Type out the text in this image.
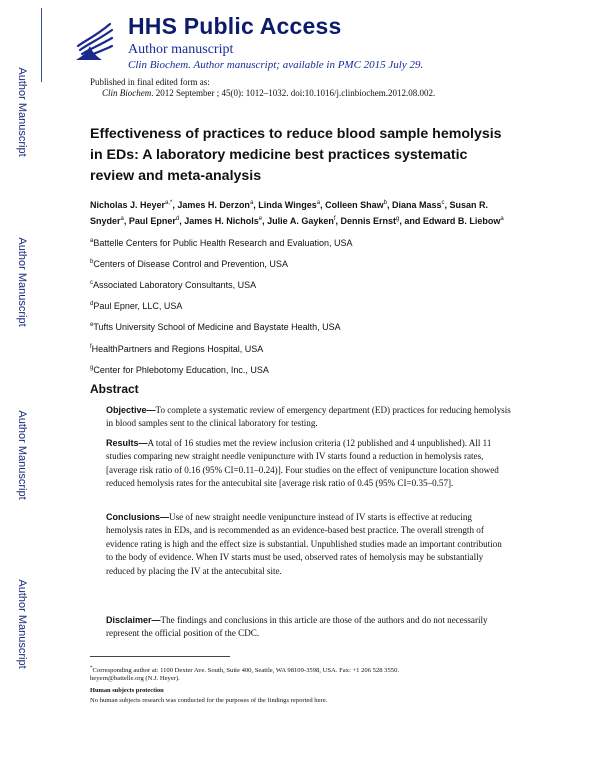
Author Manuscript
Author Manuscript
Author Manuscript
Author Manuscript
HHS Public Access
Author manuscript
Clin Biochem. Author manuscript; available in PMC 2015 July 29.
Published in final edited form as:
Clin Biochem. 2012 September ; 45(0): 1012–1032. doi:10.1016/j.clinbiochem.2012.08.002.
Effectiveness of practices to reduce blood sample hemolysis in EDs: A laboratory medicine best practices systematic review and meta-analysis
Nicholas J. Heyer$^{a,*}$, James H. Derzon$^a$, Linda Winges$^a$, Colleen Shaw$^b$, Diana Mass$^c$, Susan R. Snyder$^a$, Paul Epner$^d$, James H. Nichols$^e$, Julie A. Gayken$^f$, Dennis Ernst$^g$, and Edward B. Liebow$^a$
$^a$Battelle Centers for Public Health Research and Evaluation, USA
$^b$Centers of Disease Control and Prevention, USA
$^c$Associated Laboratory Consultants, USA
$^d$Paul Epner, LLC, USA
$^e$Tufts University School of Medicine and Baystate Health, USA
$^f$HealthPartners and Regions Hospital, USA
$^g$Center for Phlebotomy Education, Inc., USA
Abstract
Objective—To complete a systematic review of emergency department (ED) practices for reducing hemolysis in blood samples sent to the clinical laboratory for testing.
Results—A total of 16 studies met the review inclusion criteria (12 published and 4 unpublished). All 11 studies comparing new straight needle venipuncture with IV starts found a reduction in hemolysis rates, [average risk ratio of 0.16 (95% CI=0.11–0.24)]. Four studies on the effect of venipuncture location showed reduced hemolysis rates for the antecubital site [average risk ratio of 0.45 (95% CI=0.35–0.57].
Conclusions—Use of new straight needle venipuncture instead of IV starts is effective at reducing hemolysis rates in EDs, and is recommended as an evidence-based best practice. The overall strength of evidence rating is high and the effect size is substantial. Unpublished studies made an important contribution to the body of evidence. When IV starts must be used, observed rates of hemolysis may be substantially reduced by placing the IV at the antecubital site.
Disclaimer—The findings and conclusions in this article are those of the authors and do not necessarily represent the official position of the CDC.
*Corresponding author at: 1100 Dexter Ave. South, Suite 400, Seattle, WA 98109-3598, USA. Fax: +1 206 528 3550.
heyern@battelle.org (N.J. Heyer).
Human subjects protection
No human subjects research was conducted for the purposes of the findings reported here.
